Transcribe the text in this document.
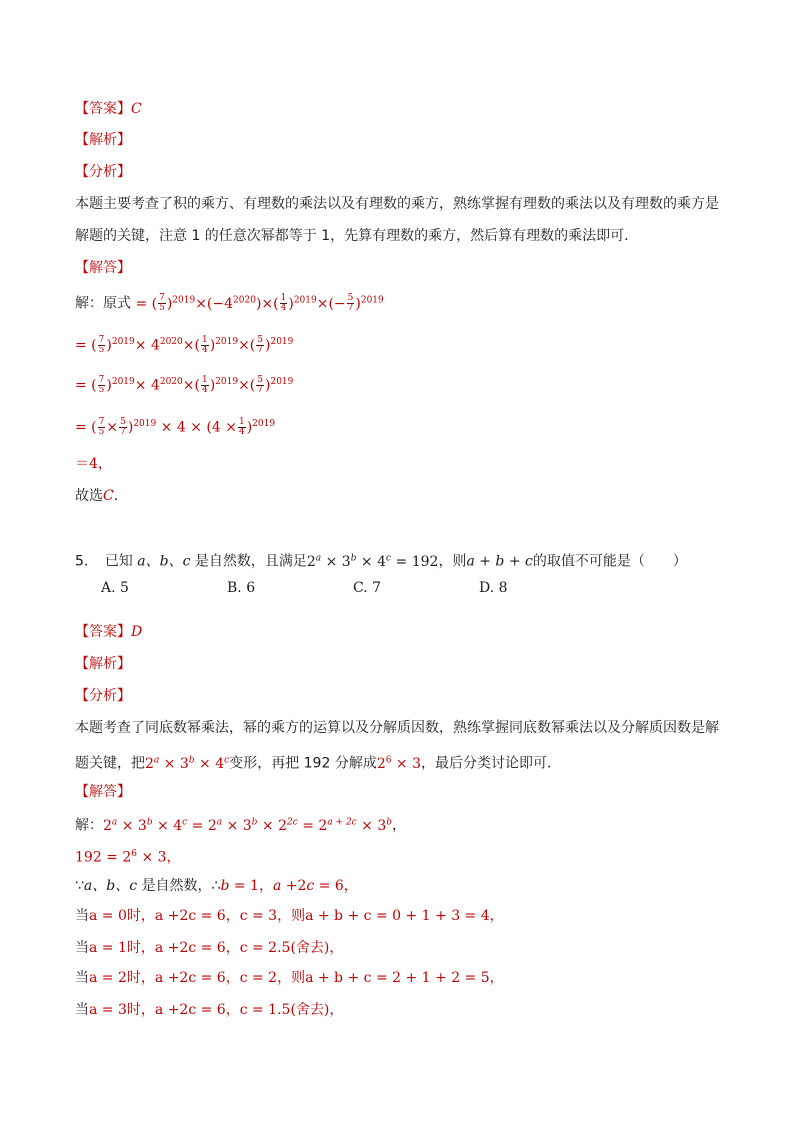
【答案】C
【解析】
【分析】
本题主要考查了积的乘方、有理数的乘法以及有理数的乘方，熟练掌握有理数的乘法以及有理数的乘方是
解题的关键，注意 1 的任意次幂都等于 1，先算有理数的乘方，然后算有理数的乘法即可．
【解答】
解：原式 = ( $\frac{7}{5} )^{2019}\times(-4^{2020})\times( \frac{1}{4} )^{2019}\times(- \frac{5}{7} )^{2019}$
= ( $\frac{7}{5} )^{2019}\times 4^{2020}\times( \frac{1}{4} )^{2019}\times( \frac{5}{7} )^{2019}$
= ( $\frac{7}{5} )^{2019}\times 4^{2020}\times( \frac{1}{4} )^{2019}\times( \frac{5}{7} )^{2019}$
= ( $\frac{7}{5} \times \frac{5}{7} )^{2019} \times 4 \times (4 \times \frac{1}{4} )^{2019}$
＝4，
故选C．
5. 已知 a、b、c 是自然数，且满足$2^a \times 3^b \times 4^c = 192$，则a + b + c的取值不可能是（　　）
A. 5	B. 6	C. 7	D. 8
【答案】D
【解析】
【分析】
本题考查了同底数幂乘法，幂的乘方的运算以及分解质因数，熟练掌握同底数幂乘法以及分解质因数是解
题关键，把$2^a \times 3^b \times 4^c$变形，再把 192 分解成$2^6 \times 3$，最后分类讨论即可．
【解答】
解：$2^a \times 3^b \times 4^c = 2^a \times 3^b \times 2^{2c} = 2^{a + 2c} \times 3^b$，
$192 = 2^6 \times 3$，
∵a、b、c 是自然数，∴b = 1，a +2c = 6，
当a = 0时，a +2c = 6，c = 3，则a + b + c = 0 + 1 + 3 = 4，
当a = 1时，a +2c = 6，c = 2.5(舍去)，
当a = 2时，a +2c = 6，c = 2，则a + b + c = 2 + 1 + 2 = 5，
当a = 3时，a +2c = 6，c = 1.5(舍去)，
